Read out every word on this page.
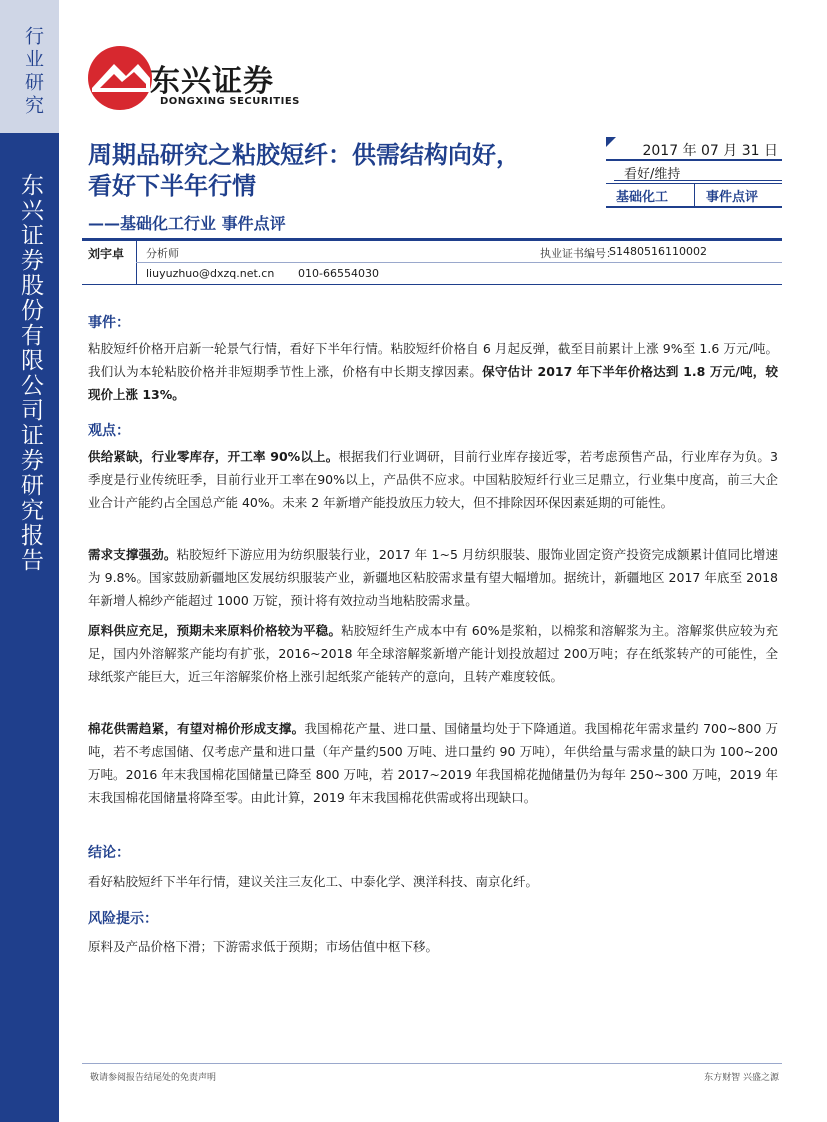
行业研究
东兴证券股份有限公司证券研究报告
东兴证券
DONGXING SECURITIES
周期品研究之粘胶短纤：供需结构向好，看好下半年行情
——基础化工行业 事件点评
2017 年 07 月 31 日
看好/维持
基础化工	事件点评
刘宇卓 分析师	执业证书编号：
S1480516110002
liuyuzhuo@dxzq.net.cn 010-66554030
事件：
粘胶短纤价格开启新一轮景气行情，看好下半年行情。粘胶短纤价格自 6 月起反弹，截至目前累计上涨 9%至 1.6 万元/吨。我们认为本轮粘胶价格并非短期季节性上涨，价格有中长期支撑因素。保守估计 2017 年下半年价格达到 1.8 万元/吨，较现价上涨 13%。
观点：
供给紧缺，行业零库存，开工率 90%以上。根据我们行业调研，目前行业库存接近零，若考虑预售产品，行业库存为负。3 季度是行业传统旺季，目前行业开工率在90%以上，产品供不应求。中国粘胶短纤行业三足鼎立，行业集中度高，前三大企业合计产能约占全国总产能 40%。未来 2 年新增产能投放压力较大，但不排除因环保因素延期的可能性。
需求支撑强劲。粘胶短纤下游应用为纺织服装行业，2017 年 1~5 月纺织服装、服饰业固定资产投资完成额累计值同比增速为 9.8%。国家鼓励新疆地区发展纺织服装产业，新疆地区粘胶需求量有望大幅增加。据统计，新疆地区 2017 年底至 2018 年新增人棉纱产能超过 1000 万锭，预计将有效拉动当地粘胶需求量。
原料供应充足，预期未来原料价格较为平稳。粘胶短纤生产成本中有 60%是浆粕，以棉浆和溶解浆为主。溶解浆供应较为充足，国内外溶解浆产能均有扩张，2016~2018 年全球溶解浆新增产能计划投放超过 200万吨；存在纸浆转产的可能性，全球纸浆产能巨大，近三年溶解浆价格上涨引起纸浆产能转产的意向，且转产难度较低。
棉花供需趋紧，有望对棉价形成支撑。我国棉花产量、进口量、国储量均处于下降通道。我国棉花年需求量约 700~800 万吨，若不考虑国储、仅考虑产量和进口量（年产量约500 万吨、进口量约 90 万吨），年供给量与需求量的缺口为 100~200 万吨。2016 年末我国棉花国储量已降至 800 万吨，若 2017~2019 年我国棉花抛储量仍为每年 250~300 万吨，2019 年末我国棉花国储量将降至零。由此计算，2019 年末我国棉花供需或将出现缺口。
结论：
看好粘胶短纤下半年行情，建议关注三友化工、中泰化学、澳洋科技、南京化纤。
风险提示：
原料及产品价格下滑；下游需求低于预期；市场估值中枢下移。
敬请参阅报告结尾处的免责声明	东方财智 兴盛之源
